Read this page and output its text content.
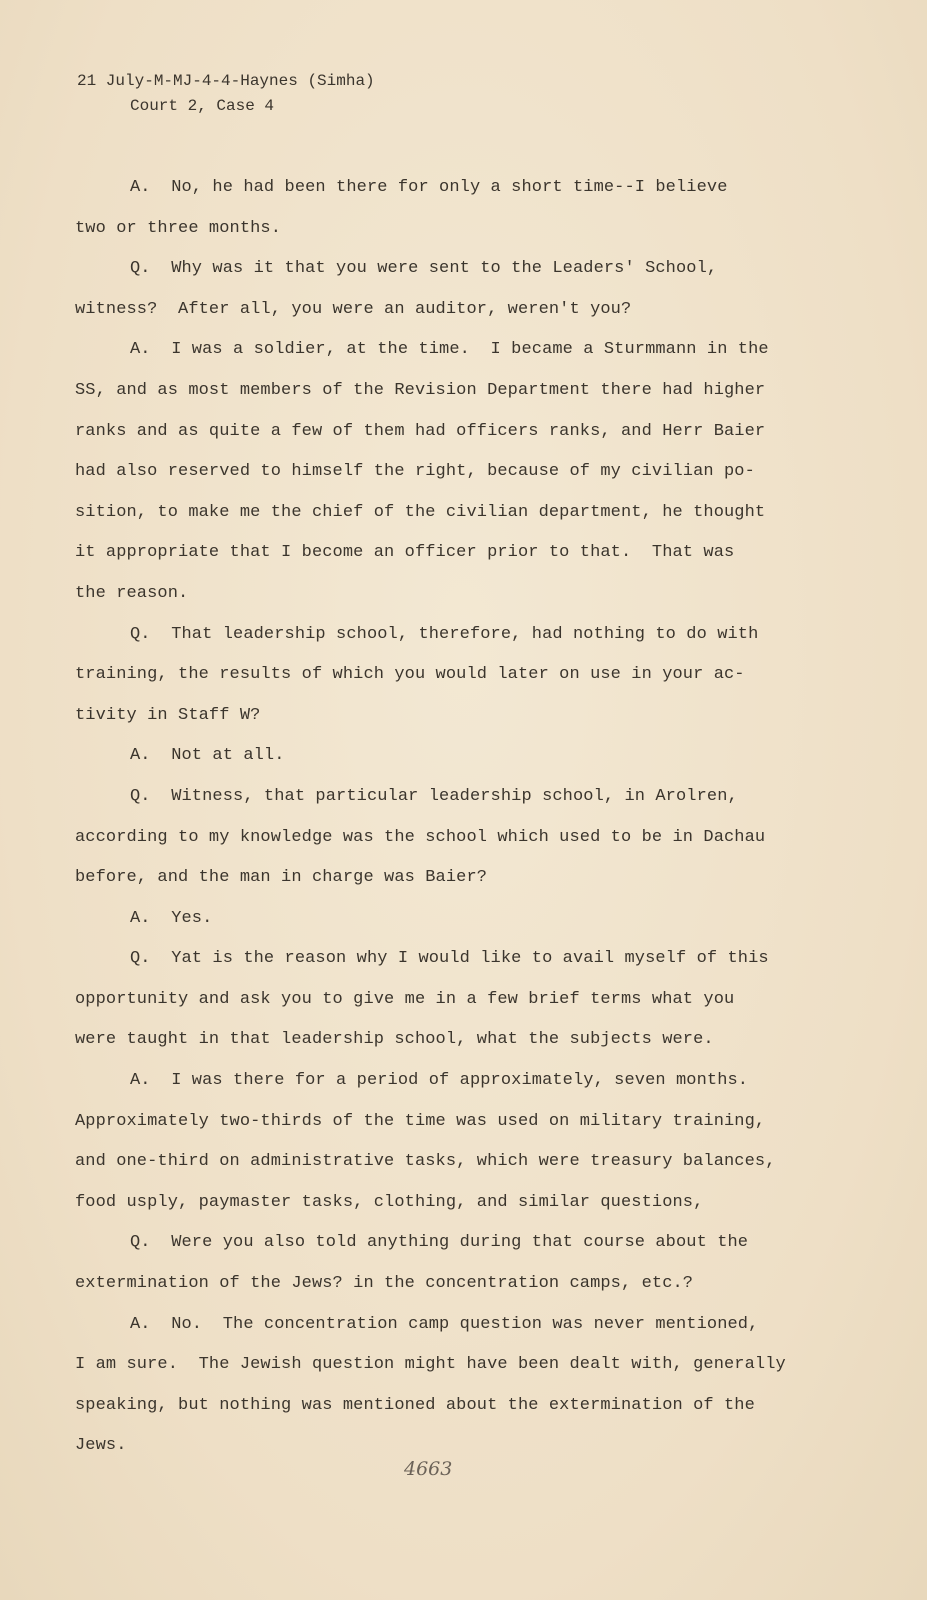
21 July-M-MJ-4-4-Haynes (Simha)
Court 2, Case 4
A.  No, he had been there for only a short time--I believe
two or three months.
Q.  Why was it that you were sent to the Leaders' School,
witness?  After all, you were an auditor, weren't you?
A.  I was a soldier, at the time.  I became a Sturmmann in the
SS, and as most members of the Revision Department there had higher
ranks and as quite a few of them had officers ranks, and Herr Baier
had also reserved to himself the right, because of my civilian po-
sition, to make me the chief of the civilian department, he thought
it appropriate that I become an officer prior to that.  That was
the reason.
Q.  That leadership school, therefore, had nothing to do with
training, the results of which you would later on use in your ac-
tivity in Staff W?
A.  Not at all.
Q.  Witness, that particular leadership school, in Arolren,
according to my knowledge was the school which used to be in Dachau
before, and the man in charge was Baier?
A.  Yes.
Q.  Yat is the reason why I would like to avail myself of this
opportunity and ask you to give me in a few brief terms what you
were taught in that leadership school, what the subjects were.
A.  I was there for a period of approximately, seven months.
Approximately two-thirds of the time was used on military training,
and one-third on administrative tasks, which were treasury balances,
food usply, paymaster tasks, clothing, and similar questions,
Q.  Were you also told anything during that course about the
extermination of the Jews? in the concentration camps, etc.?
A.  No.  The concentration camp question was never mentioned,
I am sure.  The Jewish question might have been dealt with, generally
speaking, but nothing was mentioned about the extermination of the
Jews.
4663
